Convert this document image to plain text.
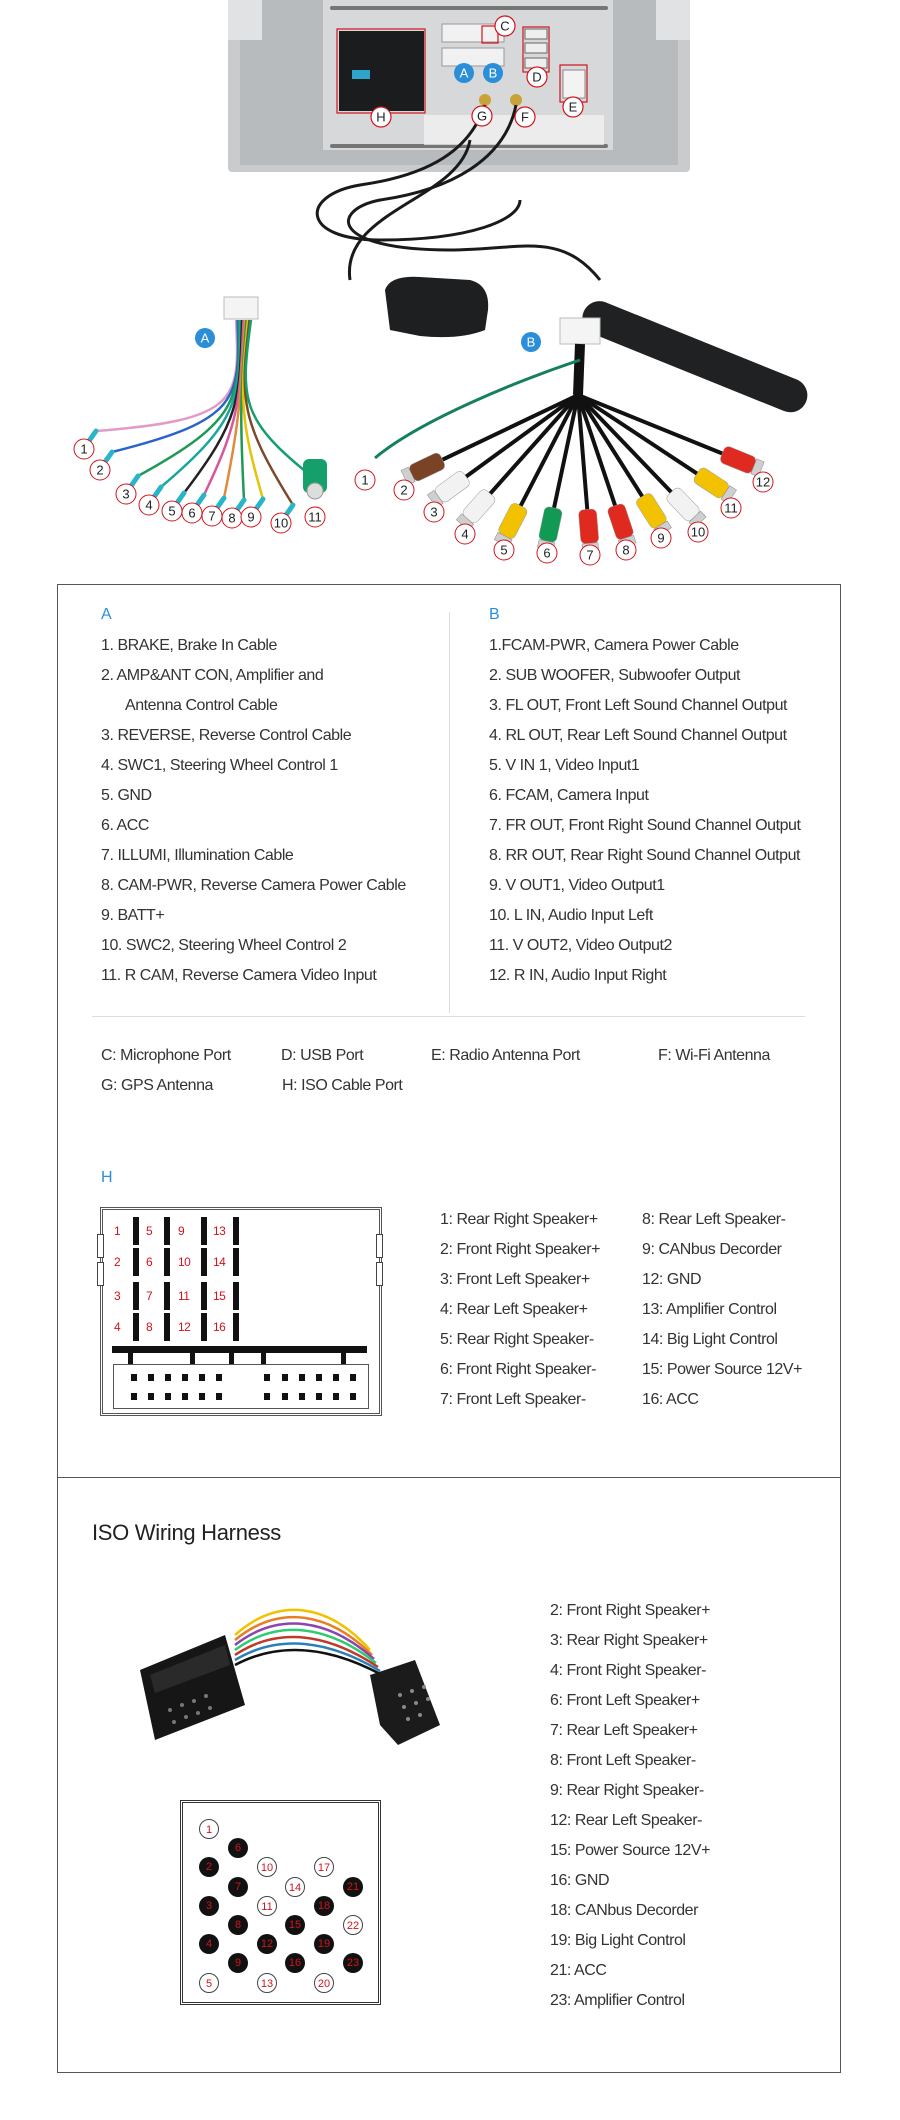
A
1
2
3
4 5 6 7 8 9 10 11
B
1
2
3
4
5	6	7 8
9 10
11
12
A B
C
D
E
F
G
H
A	B
1. BRAKE, Brake In Cable
2. AMP&ANT CON, Amplifier and
Antenna Control Cable
3. REVERSE, Reverse Control Cable
4. SWC1, Steering Wheel Control 1
5. GND
6. ACC
7. ILLUMI, Illumination Cable
8. CAM-PWR, Reverse Camera Power Cable
9. BATT+
10. SWC2, Steering Wheel Control 2
11. R CAM, Reverse Camera Video Input
1.FCAM-PWR, Camera Power Cable
2. SUB WOOFER, Subwoofer Output
3. FL OUT, Front Left Sound Channel Output
4. RL OUT, Rear Left Sound Channel Output
5. V IN 1, Video Input1
6. FCAM, Camera Input
7. FR OUT, Front Right Sound Channel Output
8. RR OUT, Rear Right Sound Channel Output
9. V OUT1, Video Output1
10. L IN, Audio Input Left
11. V OUT2, Video Output2
12. R IN, Audio Input Right
C: Microphone Port	D: USB Port	E: Radio Antenna Port	F: Wi-Fi Antenna
G: GPS Antenna	H: ISO Cable Port
H
1 5 9 13
2 6 10 14
3 7 11 15
4 8 12 16
1: Rear Right Speaker+
2: Front Right Speaker+
3: Front Left Speaker+
4: Rear Left Speaker+
5: Rear Right Speaker-
6: Front Right Speaker-
7: Front Left Speaker-
8: Rear Left Speaker-
9: CANbus Decorder
12: GND
13: Amplifier Control
14: Big Light Control
15: Power Source 12V+
16: ACC
ISO Wiring Harness
1
2
3
4
5
6
7
8
9
10
11
12
13
14
15
16
17
18
19
20
21
22
23
2: Front Right Speaker+
3: Rear Right Speaker+
4: Front Right Speaker-
6: Front Left Speaker+
7: Rear Left Speaker+
8: Front Left Speaker-
9: Rear Right Speaker-
12: Rear Left Speaker-
15: Power Source 12V+
16: GND
18: CANbus Decorder
19: Big Light Control
21: ACC
23: Amplifier Control
